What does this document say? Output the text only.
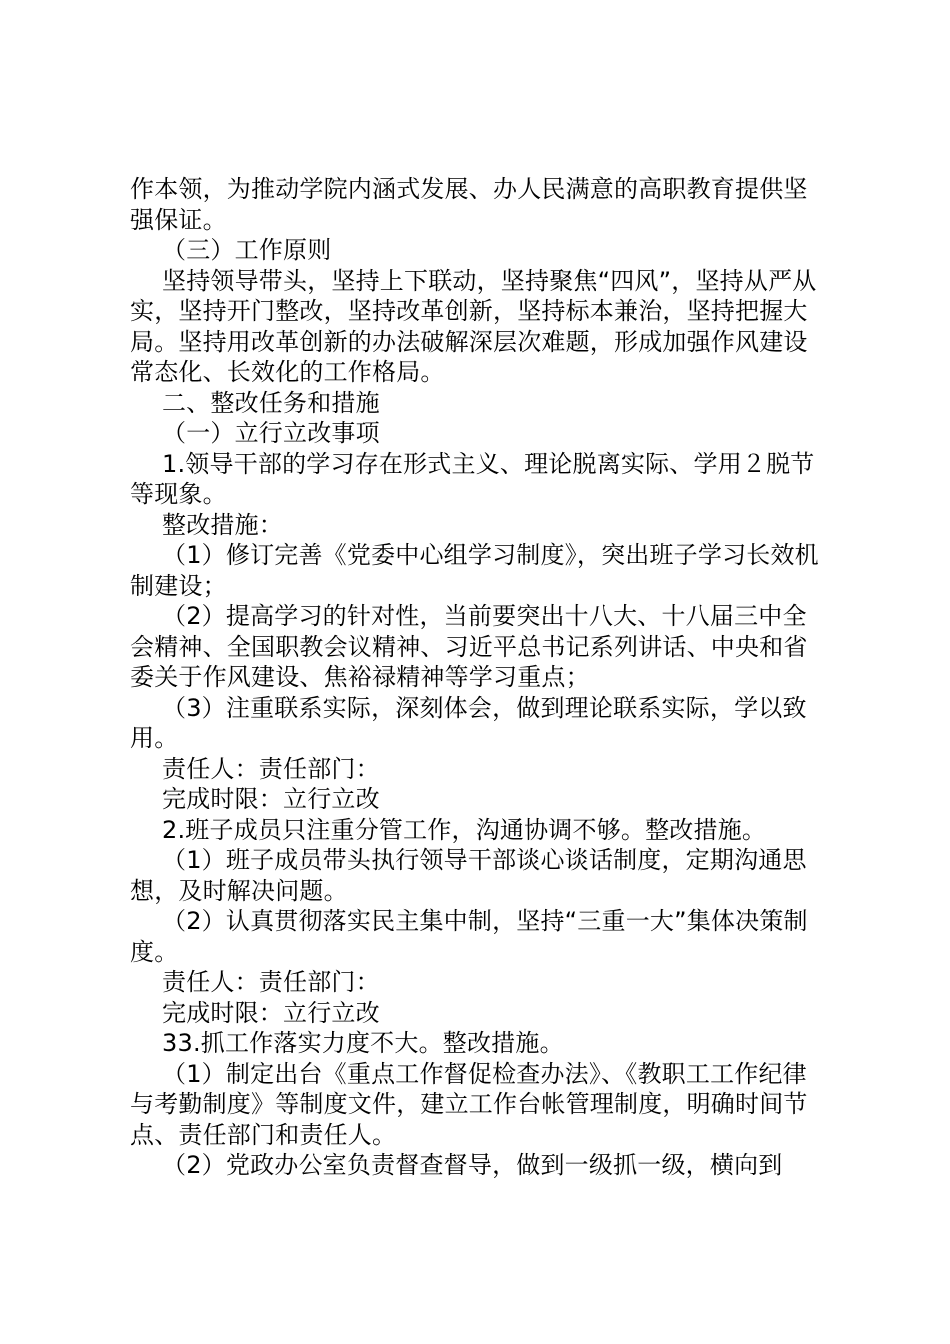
作本领，为推动学院内涵式发展、办人民满意的高职教育提供坚强保证。

（三）工作原则

坚持领导带头，坚持上下联动，坚持聚焦“四风”，坚持从严从实，坚持开门整改，坚持改革创新，坚持标本兼治，坚持把握大局。坚持用改革创新的办法破解深层次难题，形成加强作风建设常态化、长效化的工作格局。

二、整改任务和措施

（一）立行立改事项

1.领导干部的学习存在形式主义、理论脱离实际、学用２脱节等现象。

整改措施：

（1）修订完善《党委中心组学习制度》，突出班子学习长效机制建设；

（2）提高学习的针对性，当前要突出十八大、十八届三中全会精神、全国职教会议精神、习近平总书记系列讲话、中央和省委关于作风建设、焦裕禄精神等学习重点；

（3）注重联系实际，深刻体会，做到理论联系实际，学以致用。

责任人：责任部门：

完成时限：立行立改

2.班子成员只注重分管工作，沟通协调不够。整改措施。

（1）班子成员带头执行领导干部谈心谈话制度，定期沟通思想，及时解决问题。

（2）认真贯彻落实民主集中制，坚持“三重一大”集体决策制度。

责任人：责任部门：

完成时限：立行立改

33.抓工作落实力度不大。整改措施。

（1）制定出台《重点工作督促检查办法》、《教职工工作纪律与考勤制度》等制度文件，建立工作台帐管理制度，明确时间节点、责任部门和责任人。

（2）党政办公室负责督查督导，做到一级抓一级，横向到
